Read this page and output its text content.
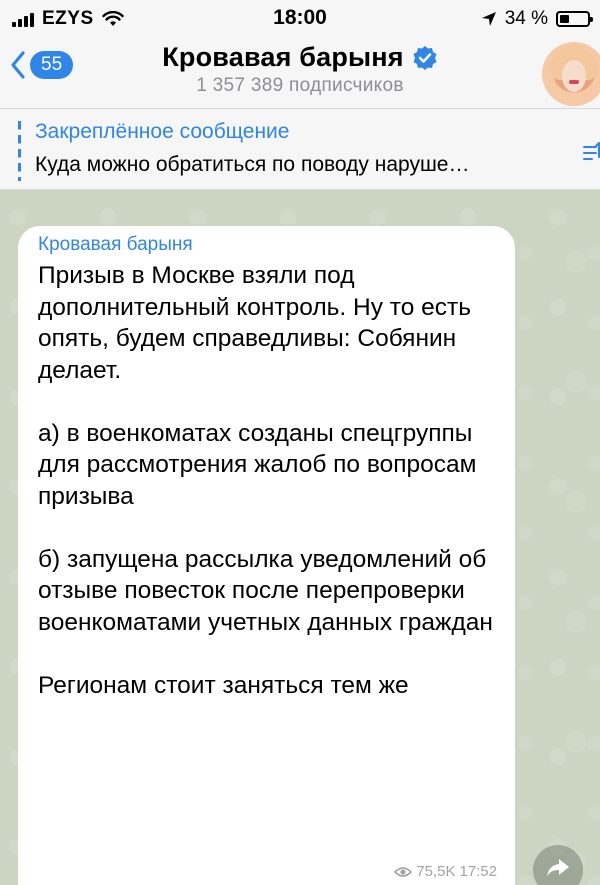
EZYS	18:00	34 %
55	Кровавая барыня
1 357 389 подписчиков
Закреплённое сообщение
Куда можно обратиться по поводу наруше…
Кровавая барыня

Призыв в Москве взяли под дополнительный контроль. Ну то есть опять, будем справедливы: Собянин делает.

а) в военкоматах созданы спецгруппы для рассмотрения жалоб по вопросам призыва

б) запущена рассылка уведомлений об отзыве повесток после перепроверки военкоматами учетных данных граждан

Регионам стоит заняться тем же

75,5K 17:52
